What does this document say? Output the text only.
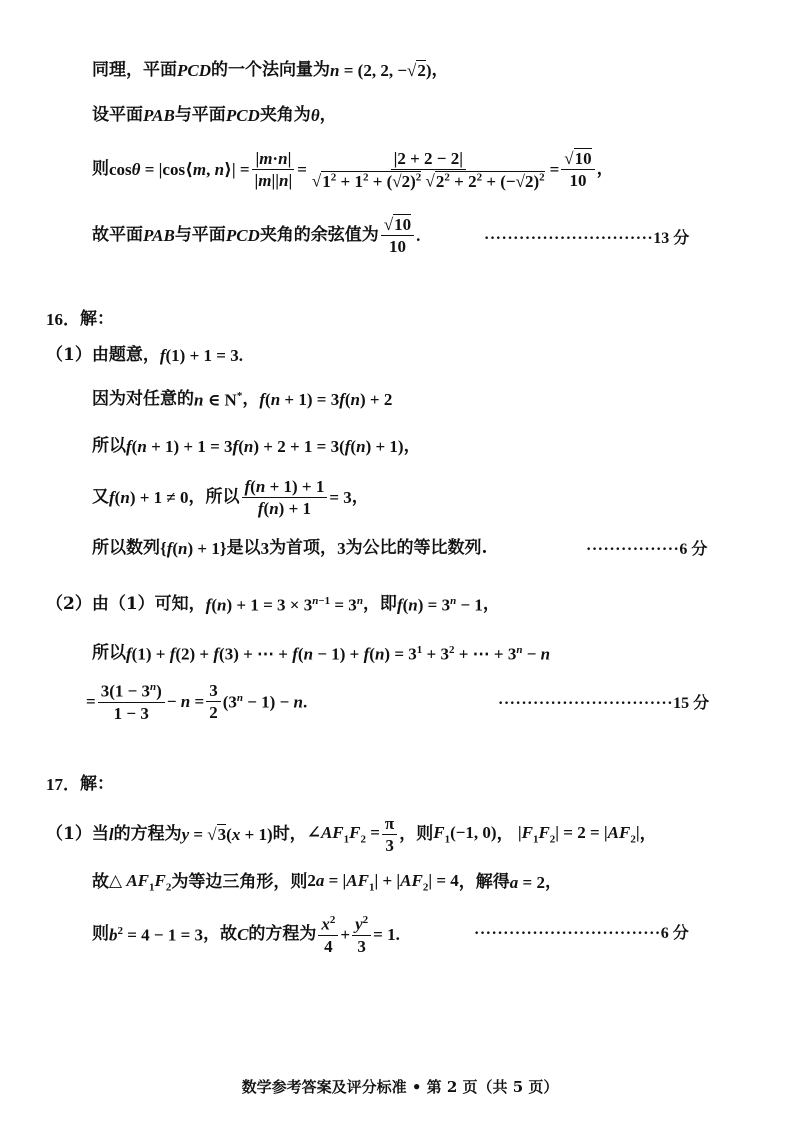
同理，平面 PCD 的一个法向量为 n = (2, 2, −√2) ，
设平面 PAB 与平面 PCD 夹角为 θ ，
则 cosθ = |cos⟨m, n⟩| = $\frac{|m\cdot n|}{|m||n|} = \frac{|2 + 2 - 2|}{√1^2 + 1^2 + (√2)^2 √2^2 + 2^2 + (-√2)^2} = \frac{√10}{10}$ ，
故平面 PAB 与平面 PCD 夹角的余弦值为 $\frac{√10}{10}$ .	·····························13 分
16． 解：
（1）由题意， f(1) + 1 = 3.
因为对任意的 n ∈ N* ， f(n + 1) = 3f(n) + 2
所以 f(n + 1) + 1 = 3f(n) + 2 + 1 = 3(f(n) + 1) ，
又 f(n) + 1 ≠ 0 ，所以 $\frac{f(n + 1) + 1}{f(n) + 1} = 3$ ，
所以数列 {f(n) + 1} 是以 3 为首项， 3 为公比的等比数列.	················6 分
（2）由（1）可知， $f(n) + 1 = 3 \times 3^{n-1} = 3^n$ ，即 $f(n) = 3^n - 1$ ，
所以 f(1) + f(2) + f(3) + ⋯ + $f(n - 1) + f(n) = 3^1 + 3^2$ + ⋯ + $3^n - n$
= $\frac{3(1 - 3^n)}{1 - 3} - n = \frac{3}{2} (3^n - 1) - n$.	······························15 分
17． 解：
（1）当 l 的方程为 y = √3(x + 1) 时， $\angle AF_1F_2 = \frac{\pi}{3}$ ，则 $F_1(-1$, 0) ， $|F_1F_2| = 2 = |AF_2|$ ，
故 △ $AF_1F_2$ 为等边三角形，则 $2a = |AF_1| + |AF_2| = 4$ ，解得 a = 2 ，
则 $b^2 = 4 - 1 = 3$ ，故 C 的方程为 $\frac{x^2}{4} + \frac{y^2}{3} = 1$.	································6 分
数学参考答案及评分标准 • 第 2 页（共 5 页）
